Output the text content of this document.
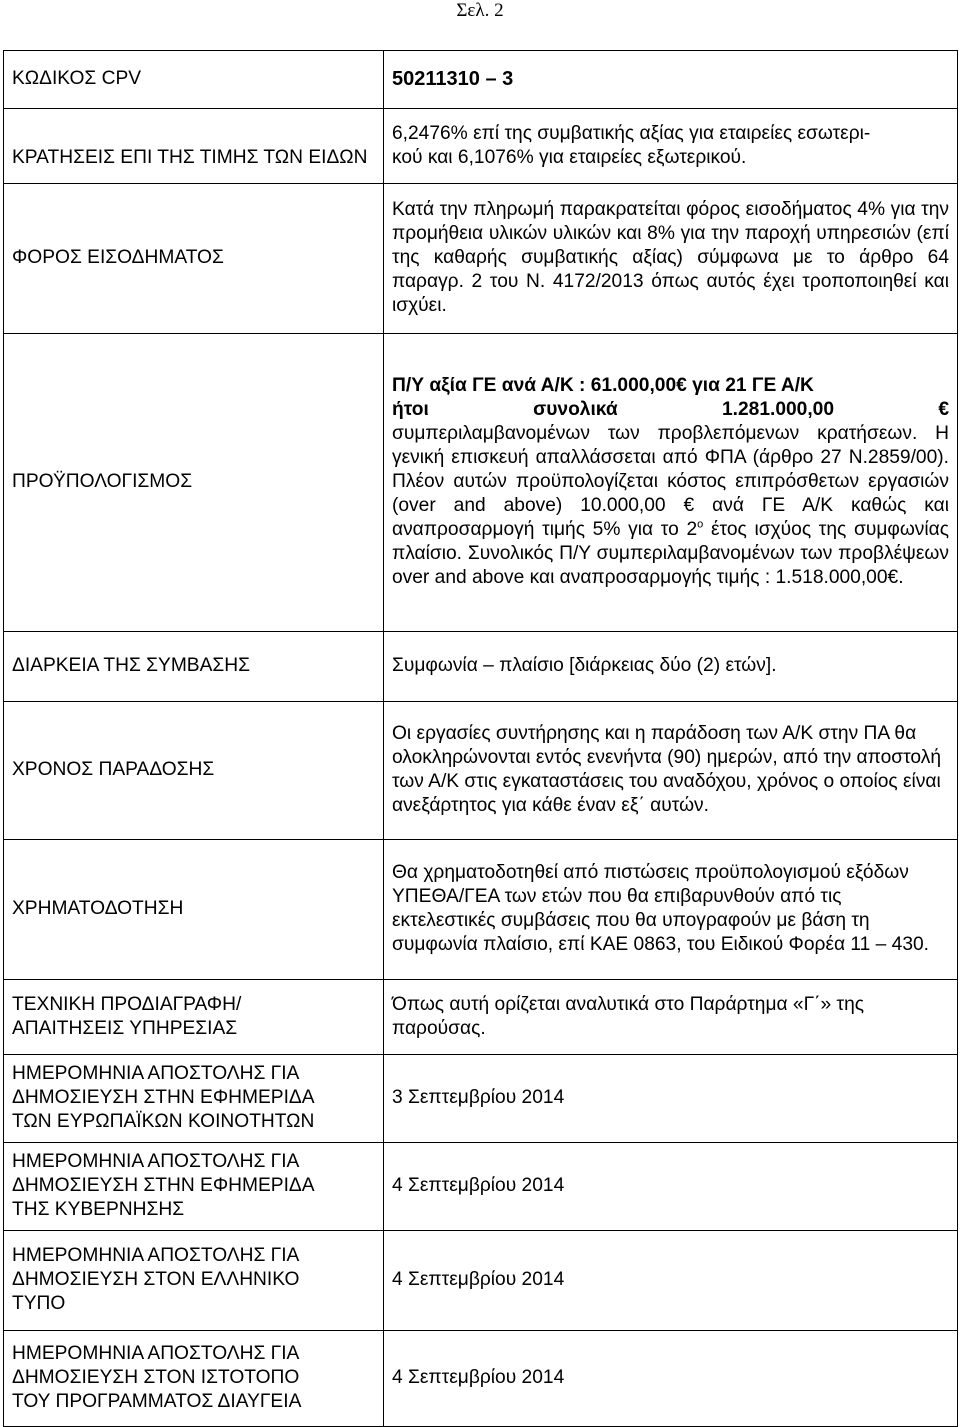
Σελ. 2
ΚΩΔΙΚΟΣ CPV	50211310 – 3

ΚΡΑΤΗΣΕΙΣ ΕΠΙ ΤΗΣ ΤΙΜΗΣ ΤΩΝ ΕΙΔΩΝ	6,2476% επί της συμβατικής αξίας για εταιρείες εσωτερι-
κού και 6,1076% για εταιρείες εξωτερικού.
ΦΟΡΟΣ ΕΙΣΟΔΗΜΑΤΟΣ	Κατά την πληρωμή παρακρατείται φόρος εισοδήματος 4% για την προμήθεια υλικών υλικών και 8% για την παροχή υπηρεσιών (επί της καθαρής συμβατικής αξίας) σύμφωνα με το άρθρο 64 παραγρ. 2 του Ν. 4172/2013 όπως αυτός έχει τροποποιηθεί και ισχύει.
ΠΡΟΫΠΟΛΟΓΙΣΜΟΣ	Π/Υ αξία ΓΕ ανά Α/Κ : 61.000,00€ για 21 ΓΕ Α/Κ
ήτοι συνολικά 1.281.000,00 €
συμπεριλαμβανομένων των προβλεπόμενων κρατήσεων. Η γενική επισκευή απαλλάσσεται από ΦΠΑ (άρθρο 27 Ν.2859/00). Πλέον αυτών προϋπολογίζεται κόστος επιπρόσθετων εργασιών (over and above) 10.000,00 € ανά ΓΕ Α/Κ καθώς και αναπροσαρμογή τιμής 5% για το $2^o$ έτος ισχύος της συμφωνίας πλαίσιο. Συνολικός Π/Υ συμπεριλαμβανομένων των προβλέψεων over and above και αναπροσαρμογής τιμής : 1.518.000,00€.
ΔΙΑΡΚΕΙΑ ΤΗΣ ΣΥΜΒΑΣΗΣ	Συμφωνία – πλαίσιο [διάρκειας δύο (2) ετών].
ΧΡΟΝΟΣ ΠΑΡΑΔΟΣΗΣ	Οι εργασίες συντήρησης και η παράδοση των Α/Κ στην ΠΑ θα ολοκληρώνονται εντός ενενήντα (90) ημερών, από την αποστολή των Α/Κ στις εγκαταστάσεις του αναδόχου, χρόνος ο οποίος είναι ανεξάρτητος για κάθε έναν εξ΄ αυτών.
ΧΡΗΜΑΤΟΔΟΤΗΣΗ	Θα χρηματοδοτηθεί από πιστώσεις προϋπολογισμού εξόδων ΥΠΕΘΑ/ΓΕΑ των ετών που θα επιβαρυνθούν από τις εκτελεστικές συμβάσεις που θα υπογραφούν με βάση τη συμφωνία πλαίσιο, επί ΚΑΕ 0863, του Ειδικού Φορέα 11 – 430.
ΤΕΧΝΙΚΗ ΠΡΟΔΙΑΓΡΑΦΗ/
ΑΠΑΙΤΗΣΕΙΣ ΥΠΗΡΕΣΙΑΣ	Όπως αυτή ορίζεται αναλυτικά στο Παράρτημα «Γ΄» της παρούσας.
ΗΜΕΡΟΜΗΝΙΑ ΑΠΟΣΤΟΛΗΣ ΓΙΑ
ΔΗΜΟΣΙΕΥΣΗ ΣΤΗΝ ΕΦΗΜΕΡΙΔΑ
ΤΩΝ ΕΥΡΩΠΑΪΚΩΝ ΚΟΙΝΟΤΗΤΩΝ	3 Σεπτεμβρίου 2014
ΗΜΕΡΟΜΗΝΙΑ ΑΠΟΣΤΟΛΗΣ ΓΙΑ
ΔΗΜΟΣΙΕΥΣΗ ΣΤΗΝ ΕΦΗΜΕΡΙΔΑ
ΤΗΣ ΚΥΒΕΡΝΗΣΗΣ	4 Σεπτεμβρίου 2014
ΗΜΕΡΟΜΗΝΙΑ ΑΠΟΣΤΟΛΗΣ ΓΙΑ
ΔΗΜΟΣΙΕΥΣΗ ΣΤΟΝ ΕΛΛΗΝΙΚΟ
ΤΥΠΟ	4 Σεπτεμβρίου 2014
ΗΜΕΡΟΜΗΝΙΑ ΑΠΟΣΤΟΛΗΣ ΓΙΑ
ΔΗΜΟΣΙΕΥΣΗ ΣΤΟΝ ΙΣΤΟΤΟΠΟ
ΤΟΥ ΠΡΟΓΡΑΜΜΑΤΟΣ ΔΙΑΥΓΕΙΑ	4 Σεπτεμβρίου 2014
